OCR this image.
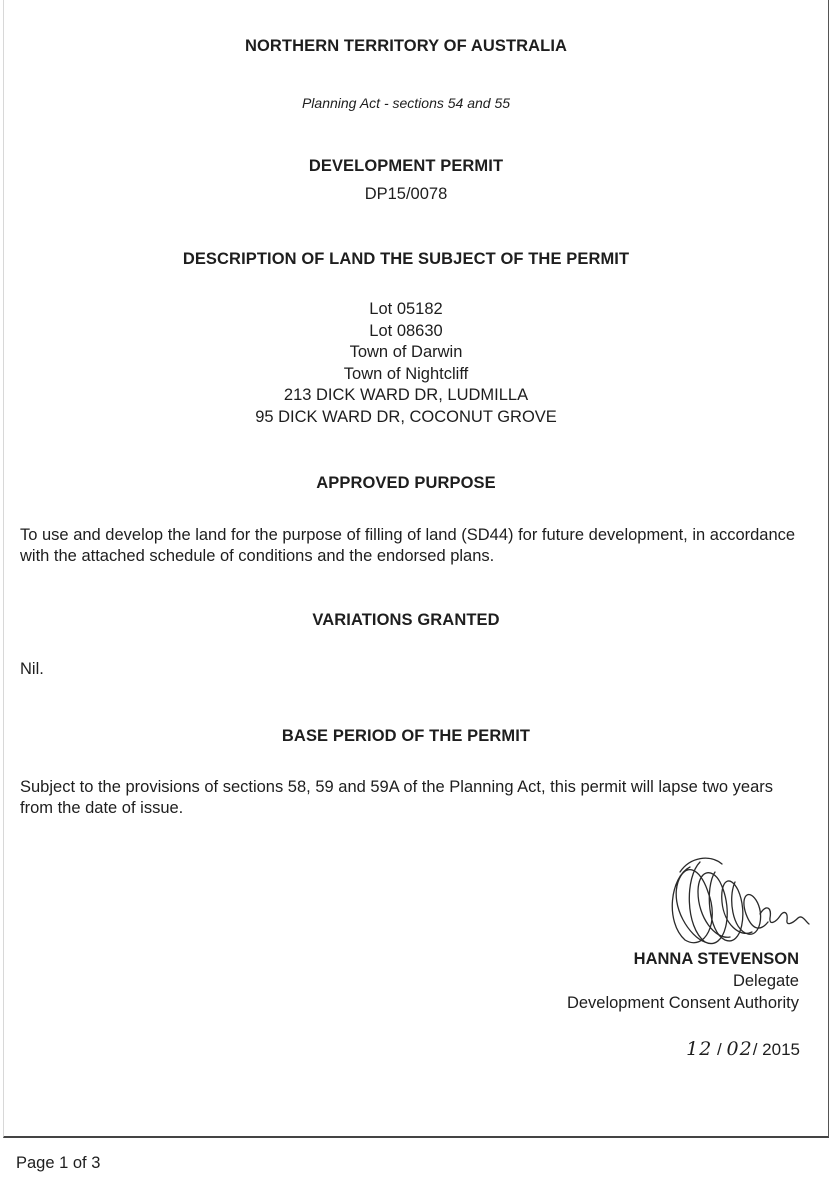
NORTHERN TERRITORY OF AUSTRALIA
Planning Act - sections 54 and 55
DEVELOPMENT PERMIT
DP15/0078
DESCRIPTION OF LAND THE SUBJECT OF THE PERMIT

Lot 05182

Lot 08630

Town of Darwin

Town of Nightcliff

213 DICK WARD DR, LUDMILLA

95 DICK WARD DR, COCONUT GROVE

APPROVED PURPOSE
To use and develop the land for the purpose of filling of land (SD44) for future development, in accordance with the attached schedule of conditions and the endorsed plans.
VARIATIONS GRANTED
Nil.
BASE PERIOD OF THE PERMIT
Subject to the provisions of sections 58, 59 and 59A of the Planning Act, this permit will lapse two years from the date of issue.
HANNA STEVENSON
Delegate
Development Consent Authority
12 / 02/ 2015
Page 1 of 3
